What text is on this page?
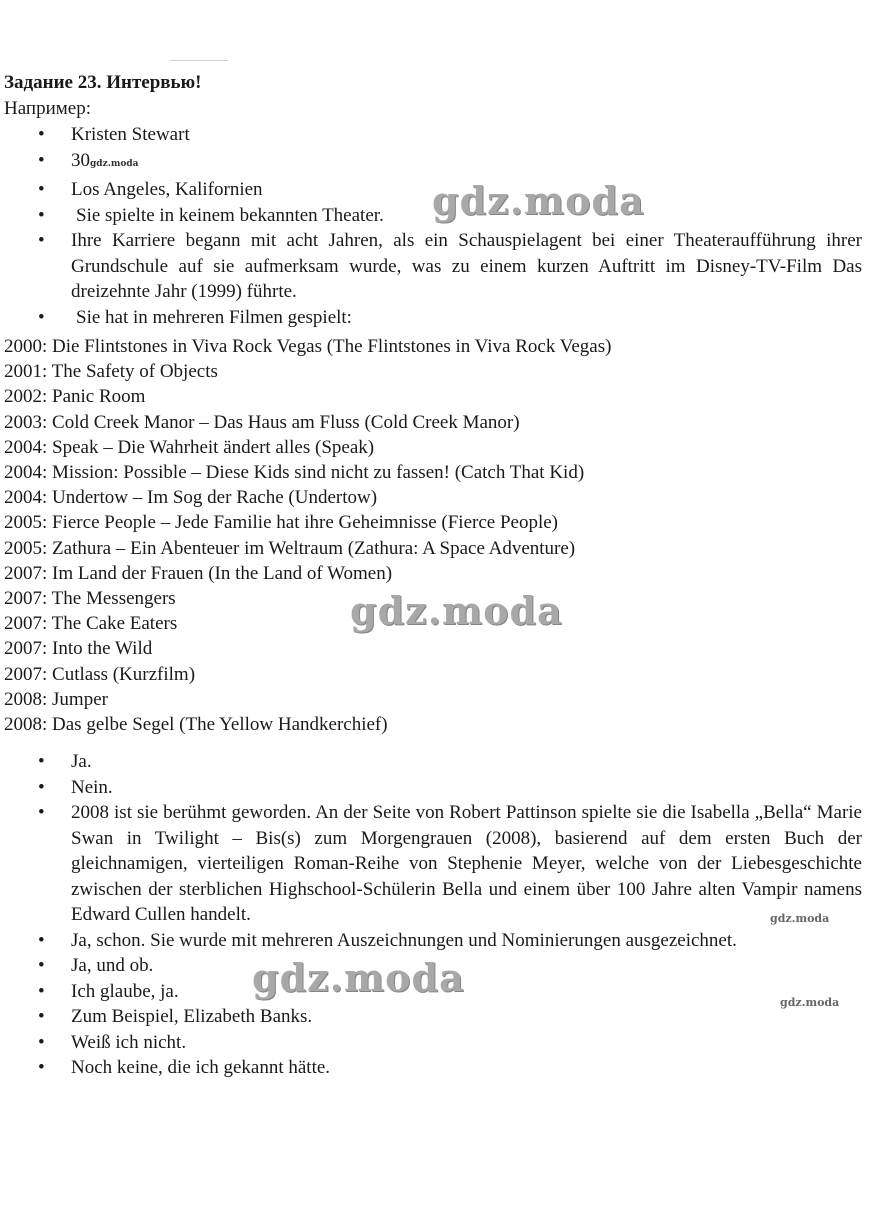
Задание 23. Интервью!
Например:
• Kristen Stewart
• 30gdz.moda
• Los Angeles, Kalifornien
• Sie spielte in keinem bekannten Theater.
• Ihre Karriere begann mit acht Jahren, als ein Schauspielagent bei einer Theateraufführung ihrer Grundschule auf sie aufmerksam wurde, was zu einem kurzen Auftritt im Disney-TV-Film Das dreizehnte Jahr (1999) führte.
• Sie hat in mehreren Filmen gespielt:
2000: Die Flintstones in Viva Rock Vegas (The Flintstones in Viva Rock Vegas)
2001: The Safety of Objects
2002: Panic Room
2003: Cold Creek Manor – Das Haus am Fluss (Cold Creek Manor)
2004: Speak – Die Wahrheit ändert alles (Speak)
2004: Mission: Possible – Diese Kids sind nicht zu fassen! (Catch That Kid)
2004: Undertow – Im Sog der Rache (Undertow)
2005: Fierce People – Jede Familie hat ihre Geheimnisse (Fierce People)
2005: Zathura – Ein Abenteuer im Weltraum (Zathura: A Space Adventure)
2007: Im Land der Frauen (In the Land of Women)
2007: The Messengers
2007: The Cake Eaters
2007: Into the Wild
2007: Cutlass (Kurzfilm)
2008: Jumper
2008: Das gelbe Segel (The Yellow Handkerchief)
• Ja.
• Nein.
• 2008 ist sie berühmt geworden. An der Seite von Robert Pattinson spielte sie die Isabella „Bella“ Marie Swan in Twilight – Bis(s) zum Morgengrauen (2008), basierend auf dem ersten Buch der gleichnamigen, vierteiligen Roman-Reihe von Stephenie Meyer, welche von der Liebesgeschichte zwischen der sterblichen Highschool-Schülerin Bella und einem über 100 Jahre alten Vampir namens Edward Cullen handelt.
• Ja, schon. Sie wurde mit mehreren Auszeichnungen und Nominierungen ausgezeichnet.
• Ja, und ob.
• Ich glaube, ja.
• Zum Beispiel, Elizabeth Banks.
• Weiß ich nicht.
• Noch keine, die ich gekannt hätte.
gdz.moda
gdz.moda
gdz.moda
gdz.moda
gdz.moda
